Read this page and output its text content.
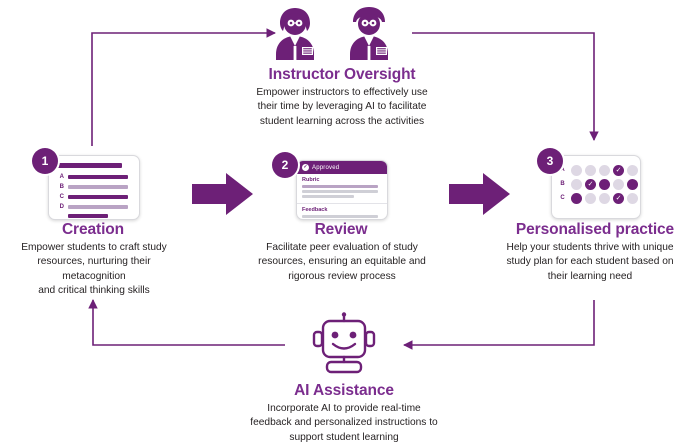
Instructor Oversight
Empower instructors to effectively use
their time by leveraging AI to facilitate
student learning across the activities
A
B
C
D
1
Creation
Empower students to craft study
resources, nurturing their metacognition
and critical thinking skills
✓ Approved
Rubric
Feedback
2
Review
Facilitate peer evaluation of study
resources, ensuring an equitable and
rigorous review process
A	✓
B	✓
C	✓
3
Personalised practice
Help your students thrive with unique
study plan for each student based on
their learning need
AI Assistance
Incorporate AI to provide real-time
feedback and personalized instructions to
support student learning
